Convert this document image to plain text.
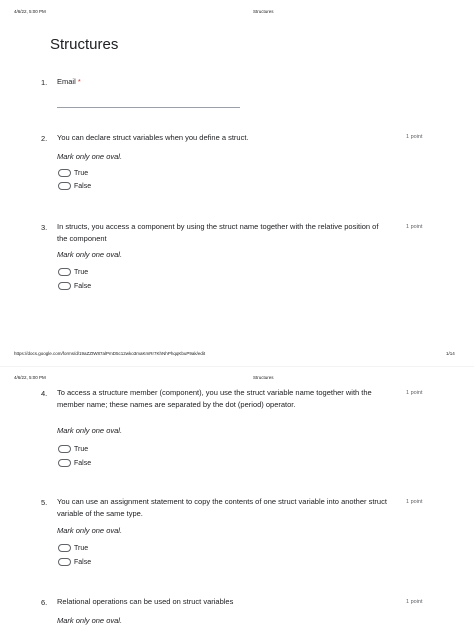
4/6/22, 5:00 PM	Structures
Structures
1. Email *
2. You can declare struct variables when you define a struct.	1 point
Mark only one oval.
True
False
3. In structs, you access a component by using the struct name together with the relative position of the component
1 point
Mark only one oval.
True
False
https://docs.google.com/forms/d/19aZZtW87alPmD5c12wko3maKmRr7KhNhPhqqKbuP9ak/edit	1/14
4/6/22, 5:00 PM	Structures
4. To access a structure member (component), you use the struct variable name together with the member name; these names are separated by the dot (period) operator.
1 point
Mark only one oval.
True
False
5. You can use an assignment statement to copy the contents of one struct variable into another struct variable of the same type.
1 point
Mark only one oval.
True
False
6. Relational operations can be used on struct variables	1 point
Mark only one oval.
